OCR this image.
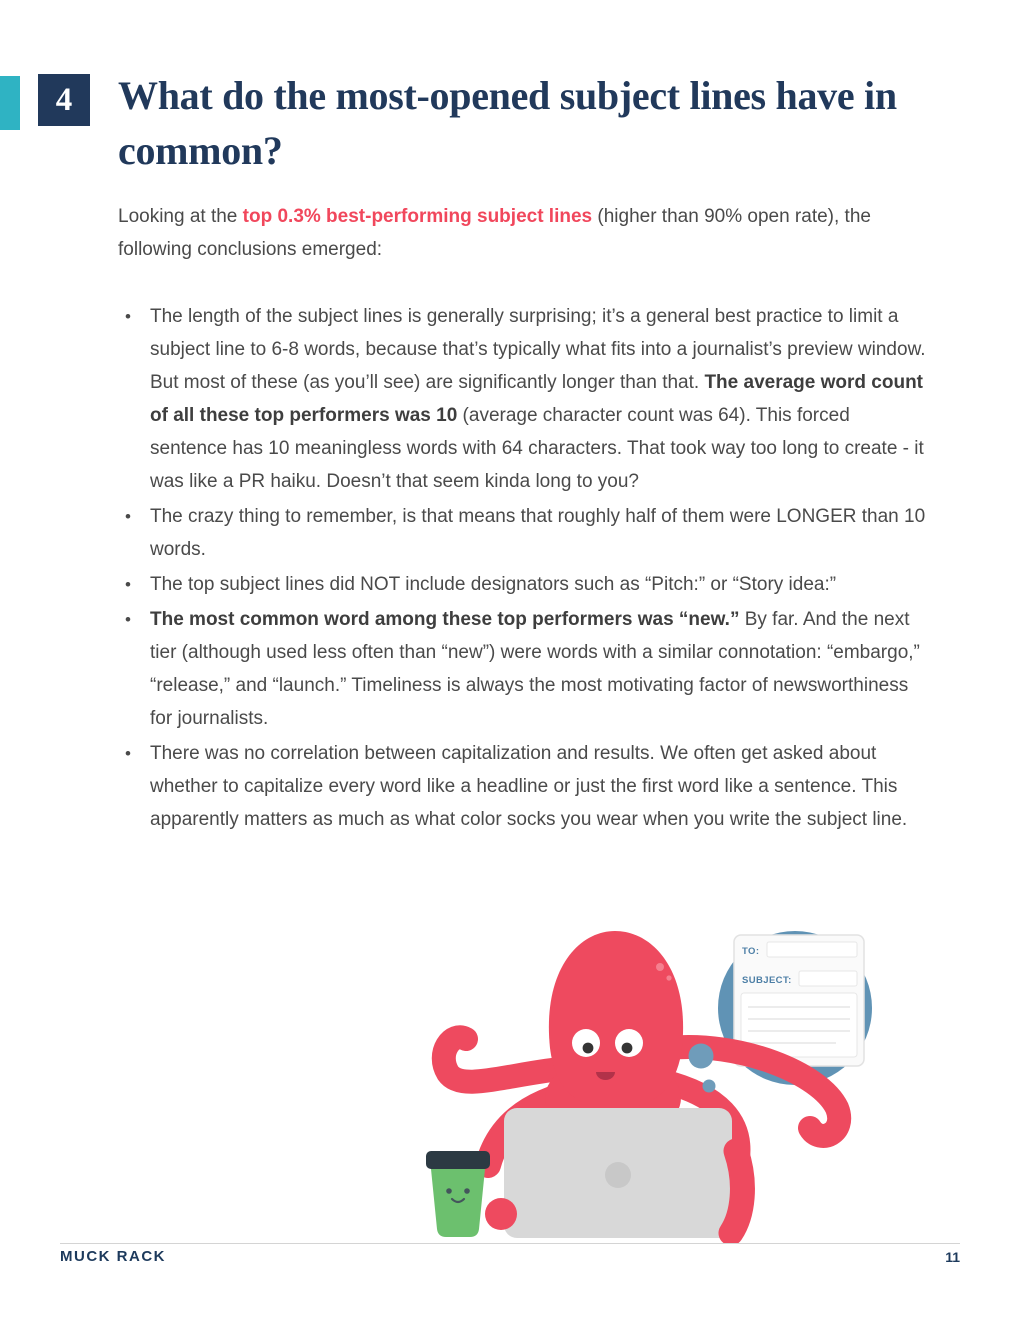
4 What do the most-opened subject lines have in common?

Looking at the top 0.3% best-performing subject lines (higher than 90% open rate), the following conclusions emerged:

• The length of the subject lines is generally surprising; it’s a general best practice to limit a subject line to 6-8 words, because that’s typically what fits into a journalist’s preview window. But most of these (as you’ll see) are significantly longer than that. The average word count of all these top performers was 10 (average character count was 64). This forced sentence has 10 meaningless words with 64 characters. That took way too long to create - it was like a PR haiku. Doesn’t that seem kinda long to you?
• The crazy thing to remember, is that means that roughly half of them were LONGER than 10 words.
• The top subject lines did NOT include designators such as “Pitch:” or “Story idea:”
• The most common word among these top performers was “new.” By far. And the next tier (although used less often than “new”) were words with a similar connotation: “embargo,” “release,” and “launch.” Timeliness is always the most motivating factor of newsworthiness for journalists.
• There was no correlation between capitalization and results. We often get asked about whether to capitalize every word like a headline or just the first word like a sentence. This apparently matters as much as what color socks you wear when you write the subject line.
TO:
SUBJECT:
MUCK RACK	11
